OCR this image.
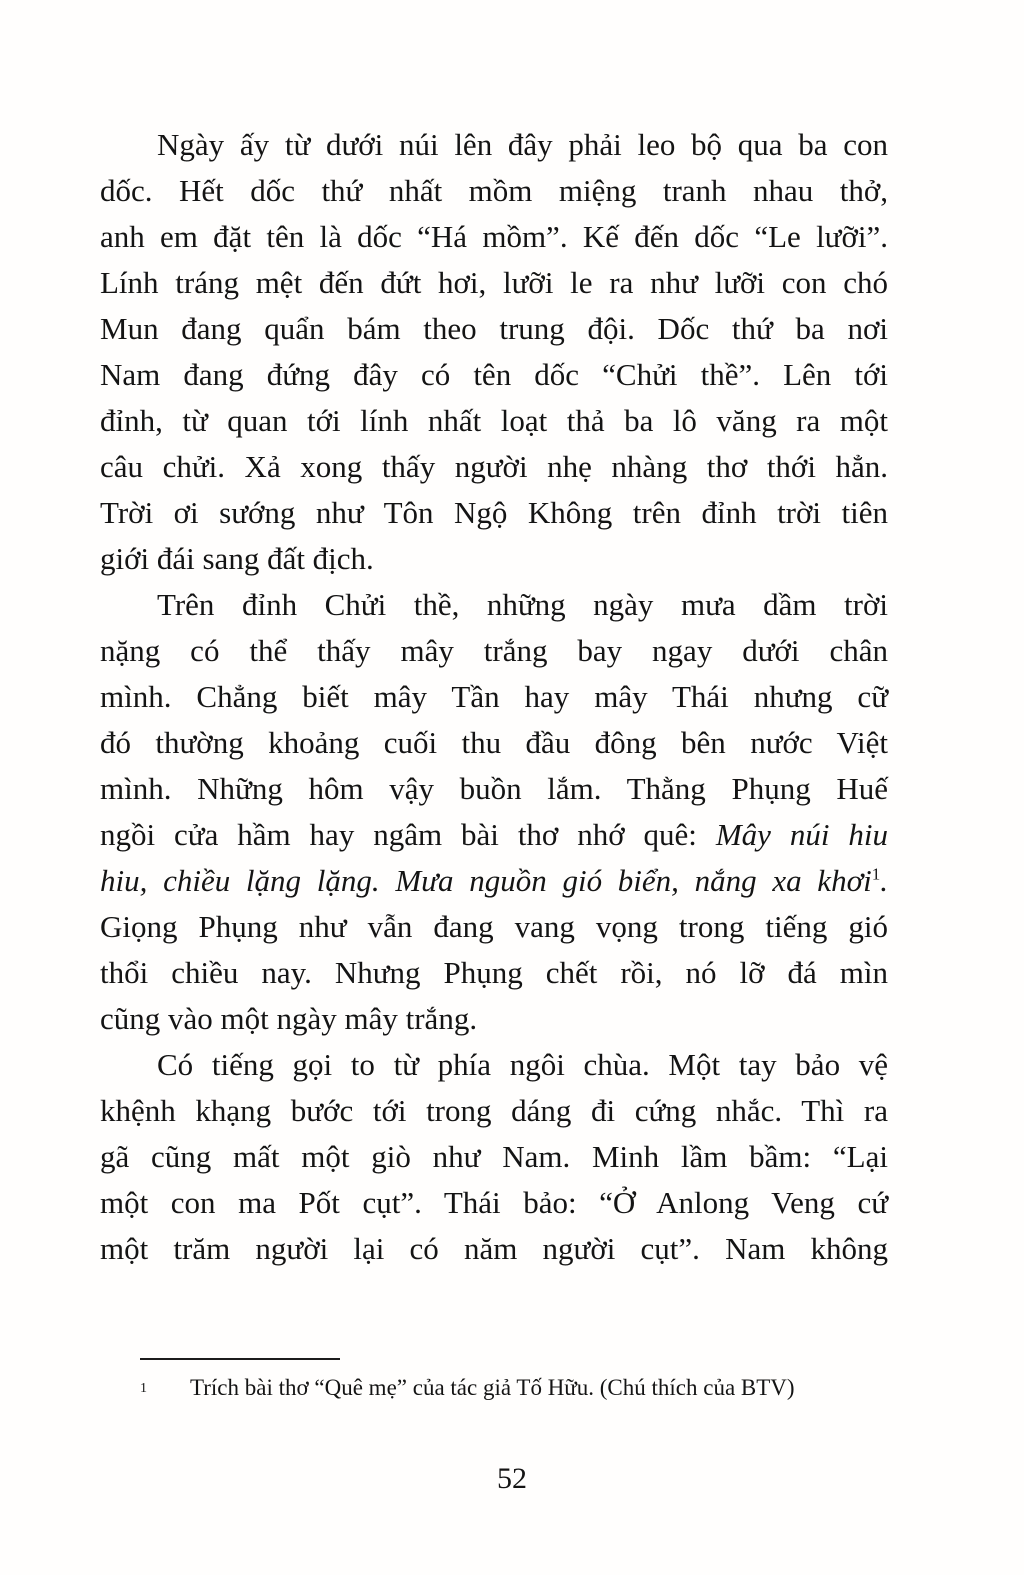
Ngày ấy từ dưới núi lên đây phải leo bộ qua ba con
dốc. Hết dốc thứ nhất mồm miệng tranh nhau thở,
anh em đặt tên là dốc “Há mồm”. Kế đến dốc “Le lưỡi”.
Lính tráng mệt đến đứt hơi, lưỡi le ra như lưỡi con chó
Mun đang quẩn bám theo trung đội. Dốc thứ ba nơi
Nam đang đứng đây có tên dốc “Chửi thề”. Lên tới
đỉnh, từ quan tới lính nhất loạt thả ba lô văng ra một
câu chửi. Xả xong thấy người nhẹ nhàng thơ thới hẳn.
Trời ơi sướng như Tôn Ngộ Không trên đỉnh trời tiên
giới đái sang đất địch.
Trên đỉnh Chửi thề, những ngày mưa dầm trời
nặng có thể thấy mây trắng bay ngay dưới chân
mình. Chẳng biết mây Tần hay mây Thái nhưng cữ
đó thường khoảng cuối thu đầu đông bên nước Việt
mình. Những hôm vậy buồn lắm. Thằng Phụng Huế
ngồi cửa hầm hay ngâm bài thơ nhớ quê: Mây núi hiu
hiu, chiều lặng lặng. Mưa nguồn gió biển, nắng xa khơi$^1$.
Giọng Phụng như vẫn đang vang vọng trong tiếng gió
thổi chiều nay. Nhưng Phụng chết rồi, nó lỡ đá mìn
cũng vào một ngày mây trắng.
Có tiếng gọi to từ phía ngôi chùa. Một tay bảo vệ
khệnh khạng bước tới trong dáng đi cứng nhắc. Thì ra
gã cũng mất một giò như Nam. Minh lầm bầm: “Lại
một con ma Pốt cụt”. Thái bảo: “Ở Anlong Veng cứ
một trăm người lại có năm người cụt”. Nam không
1 Trích bài thơ “Quê mẹ” của tác giả Tố Hữu. (Chú thích của BTV)
52
